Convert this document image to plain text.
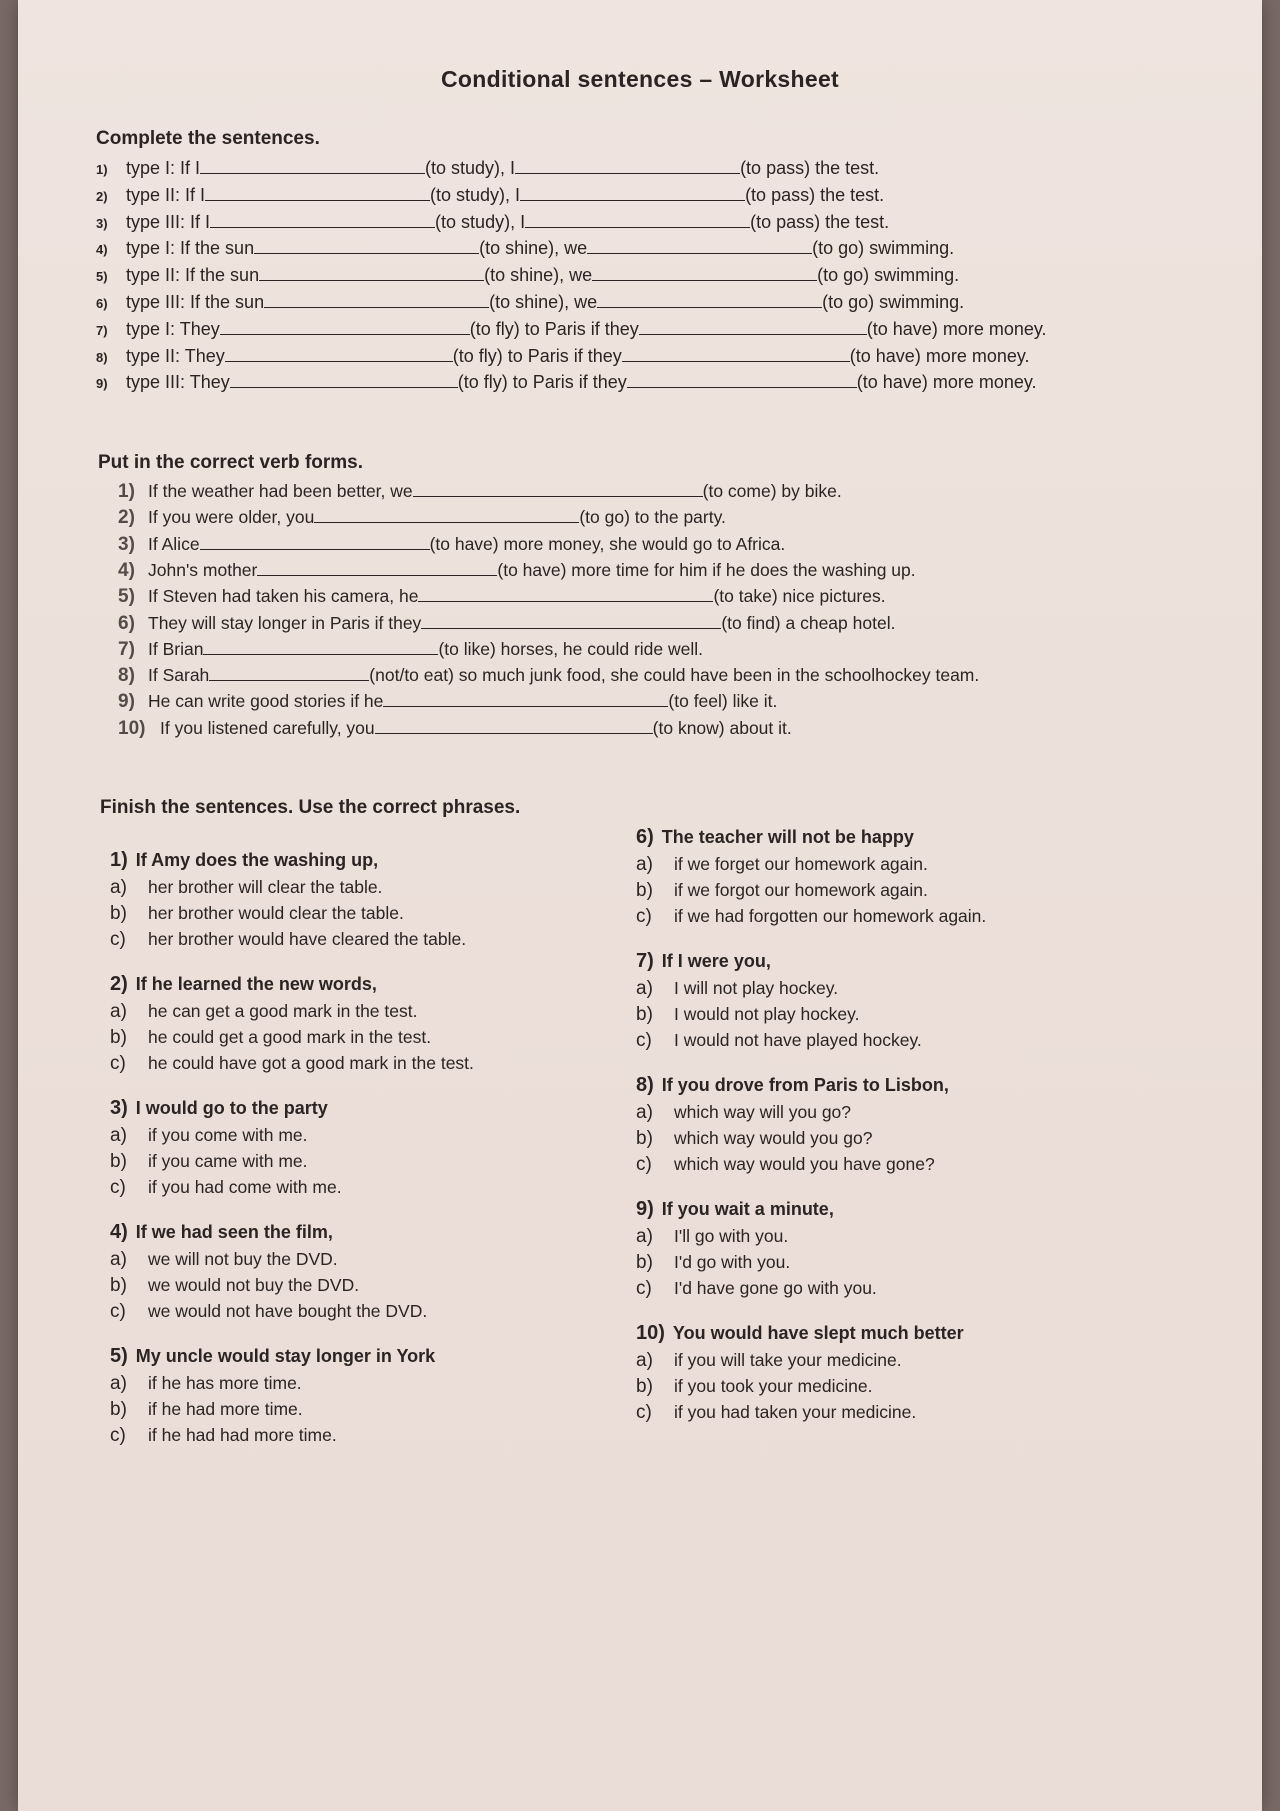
Conditional sentences – Worksheet
Complete the sentences.
1)	type I: If I	(to study), I	(to pass) the test.
2)	type II: If I	(to study), I	(to pass) the test.
3)	type III: If I	(to study), I	(to pass) the test.
4)	type I: If the sun	(to shine), we	(to go) swimming.
5)	type II: If the sun	(to shine), we	(to go) swimming.
6)	type III: If the sun	(to shine), we	(to go) swimming.
7)	type I: They	(to fly) to Paris if they	(to have) more money.
8)	type II: They	(to fly) to Paris if they	(to have) more money.
9)	type III: They	(to fly) to Paris if they	(to have) more money.
Put in the correct verb forms.
1) If the weather had been better, we	(to come) by bike.
2) If you were older, you	(to go) to the party.
3) If Alice	(to have) more money, she would go to Africa.
4) John's mother	(to have) more time for him if he does the washing up.
5) If Steven had taken his camera, he	(to take) nice pictures.
6) They will stay longer in Paris if they	(to find) a cheap hotel.
7) If Brian	(to like) horses, he could ride well.
8) If Sarah	(not/to eat) so much junk food, she could have been in the schoolhockey team.
9) He can write good stories if he	(to feel) like it.
10) If you listened carefully, you	(to know) about it.
Finish the sentences. Use the correct phrases.
1) If Amy does the washing up,
a) her brother will clear the table.
b) her brother would clear the table.
c) her brother would have cleared the table.
2) If he learned the new words,
a) he can get a good mark in the test.
b) he could get a good mark in the test.
c) he could have got a good mark in the test.
3) I would go to the party
a) if you come with me.
b) if you came with me.
c) if you had come with me.
4) If we had seen the film,
a) we will not buy the DVD.
b) we would not buy the DVD.
c) we would not have bought the DVD.
5) My uncle would stay longer in York
a) if he has more time.
b) if he had more time.
c) if he had had more time.
6) The teacher will not be happy
a) if we forget our homework again.
b) if we forgot our homework again.
c) if we had forgotten our homework again.
7) If I were you,
a) I will not play hockey.
b) I would not play hockey.
c) I would not have played hockey.
8) If you drove from Paris to Lisbon,
a) which way will you go?
b) which way would you go?
c) which way would you have gone?
9) If you wait a minute,
a) I'll go with you.
b) I'd go with you.
c) I'd have gone go with you.
10) You would have slept much better
a) if you will take your medicine.
b) if you took your medicine.
c) if you had taken your medicine.
